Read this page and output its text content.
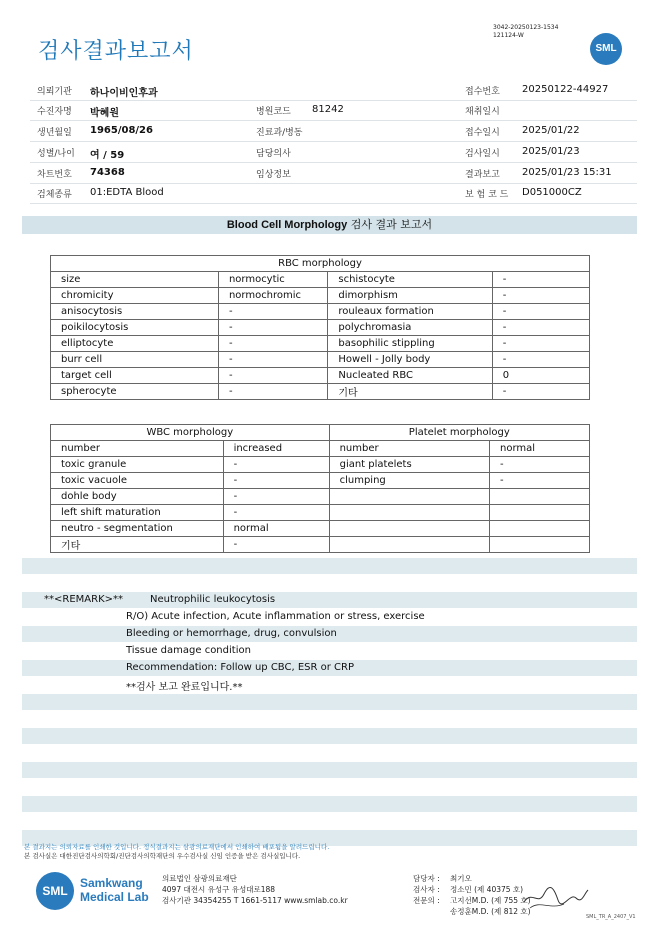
검사결과보고서
3042-20250123-1534
121124-W
SML
의뢰기관 하나이비인후과	접수번호 20250122-44927
수진자명 박혜원	병원코드 81242	채취일시
생년월일 1965/08/26	진료과/병동	접수일시 2025/01/22
성별/나이 여 / 59	담당의사	검사일시 2025/01/23
차트번호 74368	임상정보	결과보고 2025/01/23 15:31
검체종류 01:EDTA Blood	보 험 코 드 D051000CZ
Blood Cell Morphology 검사 결과 보고서
RBC morphology			
size	normocytic	schistocyte	-
chromicity	normochromic	dimorphism	-
anisocytosis	-	rouleaux formation	-
poikilocytosis	-	polychromasia	-
elliptocyte	-	basophilic stippling	-
burr cell	-	Howell - Jolly body	-
target cell	-	Nucleated RBC	0
spherocyte	-	기타	-
WBC morphology		Platelet morphology	
number	increased	number	normal
toxic granule	-	giant platelets	-
toxic vacuole	-	clumping	-
dohle body	-		
left shift maturation	-		
neutro - segmentation	normal		
기타	-		
**<REMARK>**	Neutrophilic leukocytosis
R/O) Acute infection, Acute inflammation or stress, exercise
Bleeding or hemorrhage, drug, convulsion
Tissue damage condition
Recommendation: Follow up CBC, ESR or CRP
**검사 보고 완료입니다.**
본 결과지는 의뢰자료를 인쇄한 것입니다. 정식결과지는 삼광의료재단에서 인쇄하여 배포됨을 알려드립니다.
본 검사실은 대한진단검사의학회/진단검사의학재단의 우수검사실 신임 인증을 받은 검사실입니다.
SML
Samkwang
Medical Lab
의료법인 삼광의료재단
4097 대전시 유성구 유성대로188
검사기관 34354255 T 1661-5117 www.smlab.co.kr
담당자 : 최기오
검사자 : 정소민 (제 40375 호)
전문의 : 고지선M.D. (제 755 호)
송정훈M.D. (제 812 호)
SML_TR_A_2407_V1
